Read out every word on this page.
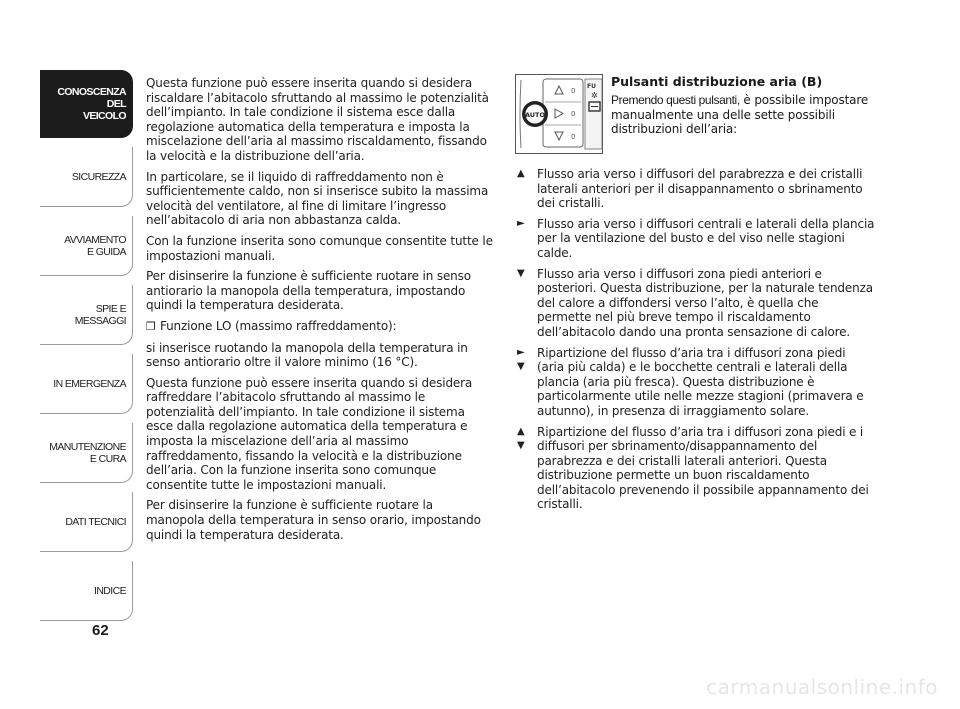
CONOSCENZA
DEL
VEICOLO
SICUREZZA
AVVIAMENTO
E GUIDA
SPIE E
MESSAGGI
IN EMERGENZA
MANUTENZIONE
E CURA
DATI TECNICI
INDICE
62

Questa funzione può essere inserita quando si desidera riscaldare l’abitacolo sfruttando al massimo le potenzialità dell’impianto. In tale condizione il sistema esce dalla regolazione automatica della temperatura e imposta la miscelazione dell’aria al massimo riscaldamento, fissando la velocità e la distribuzione dell’aria.

In particolare, se il liquido di raffreddamento non è sufficientemente caldo, non si inserisce subito la massima velocità del ventilatore, al fine di limitare l’ingresso nell’abitacolo di aria non abbastanza calda.

Con la funzione inserita sono comunque consentite tutte le impostazioni manuali.

Per disinserire la funzione è sufficiente ruotare in senso antiorario la manopola della temperatura, impostando quindi la temperatura desiderata.

❒ Funzione LO (massimo raffreddamento):

si inserisce ruotando la manopola della temperatura in senso antiorario oltre il valore minimo (16 °C).

Questa funzione può essere inserita quando si desidera raffreddare l’abitacolo sfruttando al massimo le potenzialità dell’impianto. In tale condizione il sistema esce dalla regolazione automatica della temperatura e imposta la miscelazione dell’aria al massimo raffreddamento, fissando la velocità e la distribuzione dell’aria. Con la funzione inserita sono comunque consentite tutte le impostazioni manuali.

Per disinserire la funzione è sufficiente ruotare la manopola della temperatura in senso orario, impostando quindi la temperatura desiderata.

0
0
0
AUTO
FU
✲
Pulsanti distribuzione aria (B)

Premendo questi pulsanti, è possibile impostare manualmente una delle sette possibili distribuzioni dell’aria:

▲	Flusso aria verso i diffusori del parabrezza e dei cristalli laterali anteriori per il disappannamento o sbrinamento dei cristalli.
►	Flusso aria verso i diffusori centrali e laterali della plancia per la ventilazione del busto e del viso nelle stagioni calde.
▼	Flusso aria verso i diffusori zona piedi anteriori e posteriori. Questa distribuzione, per la naturale tendenza del calore a diffondersi verso l’alto, è quella che permette nel più breve tempo il riscaldamento dell’abitacolo dando una pronta sensazione di calore.
►
▼
Ripartizione del flusso d’aria tra i diffusori zona piedi (aria più calda) e le bocchette centrali e laterali della plancia (aria più fresca). Questa distribuzione è particolarmente utile nelle mezze stagioni (primavera e autunno), in presenza di irraggiamento solare.
▲
▼
Ripartizione del flusso d’aria tra i diffusori zona piedi e i diffusori per sbrinamento/disappannamento del parabrezza e dei cristalli laterali anteriori. Questa distribuzione permette un buon riscaldamento dell’abitacolo prevenendo il possibile appannamento dei cristalli.
carmanualsonline.info
